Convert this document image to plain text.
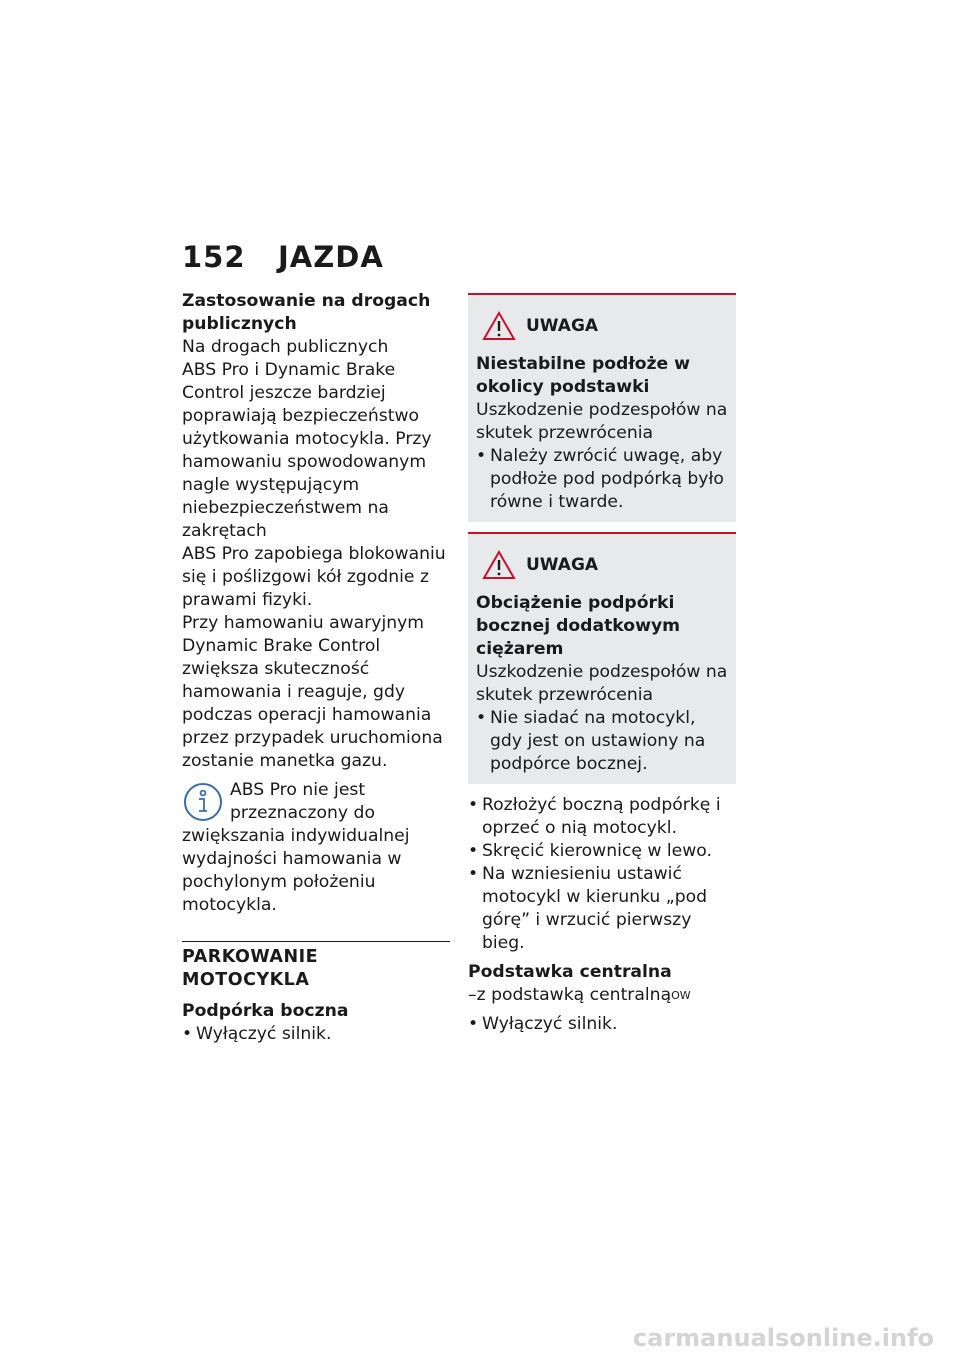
152 JAZDA

Zastosowanie na drogach publicznych

Na drogach publicznych

ABS Pro i Dynamic Brake Control jeszcze bardziej poprawiają bezpieczeństwo użytkowania motocykla. Przy hamowaniu spowodowanym nagle występującym niebezpieczeństwem na zakrętach

ABS Pro zapobiega blokowaniu się i poślizgowi kół zgodnie z prawami fizyki.

Przy hamowaniu awaryjnym Dynamic Brake Control zwiększa skuteczność hamowania i reaguje, gdy podczas operacji hamowania przez przypadek uruchomiona zostanie manetka gazu.

ABS Pro nie jest przeznaczony do zwiększania indywidualnej wydajności hamowania w pochylonym położeniu motocykla.

PARKOWANIE MOTOCYKLA

Podpórka boczna

• Wyłączyć silnik.

UWAGA

Niestabilne podłoże w okolicy podstawki

Uszkodzenie podzespołów na skutek przewrócenia

• Należy zwrócić uwagę, aby podłoże pod podpórką było równe i twarde.

UWAGA

Obciążenie podpórki bocznej dodatkowym ciężarem

Uszkodzenie podzespołów na skutek przewrócenia

• Nie siadać na motocykl, gdy jest on ustawiony na podpórce bocznej.

• Rozłożyć boczną podpórkę i oprzeć o nią motocykl.

• Skręcić kierownicę w lewo.

• Na wzniesieniu ustawić motocykl w kierunku „pod górę” i wrzucić pierwszy bieg.

Podstawka centralna

–z podstawką centralną$^{OW}$

• Wyłączyć silnik.

carmanualsonline.info
